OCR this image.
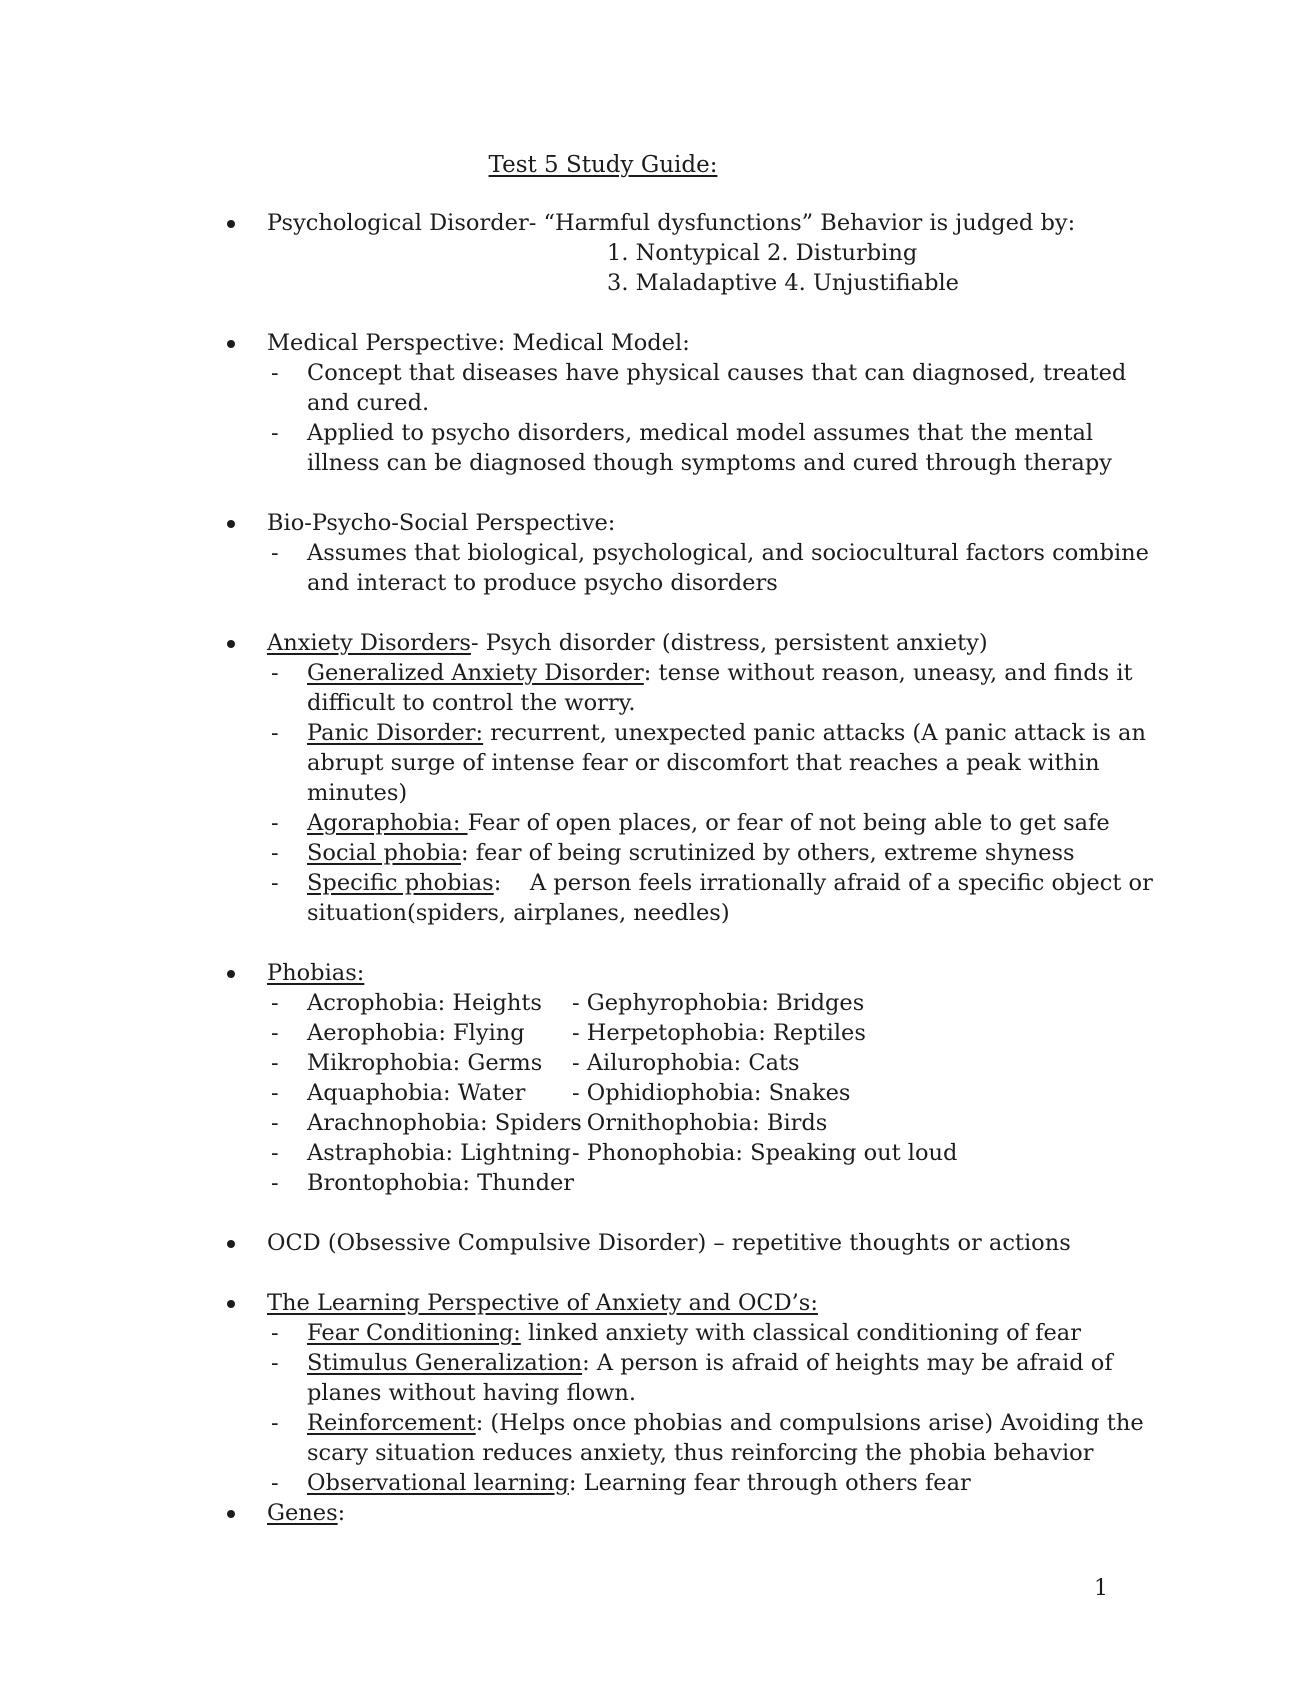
Test 5 Study Guide:
Psychological Disorder- “Harmful dysfunctions” Behavior is judged by:
1. Nontypical 2. Disturbing
3. Maladaptive 4. Unjustifiable
Medical Perspective: Medical Model:
- Concept that diseases have physical causes that can diagnosed, treated
and cured.
- Applied to psycho disorders, medical model assumes that the mental
illness can be diagnosed though symptoms and cured through therapy
Bio-Psycho-Social Perspective:
- Assumes that biological, psychological, and sociocultural factors combine
and interact to produce psycho disorders
Anxiety Disorders- Psych disorder (distress, persistent anxiety)
- Generalized Anxiety Disorder: tense without reason, uneasy, and finds it
difficult to control the worry.
- Panic Disorder: recurrent, unexpected panic attacks (A panic attack is an
abrupt surge of intense fear or discomfort that reaches a peak within
minutes)
- Agoraphobia: Fear of open places, or fear of not being able to get safe
- Social phobia: fear of being scrutinized by others, extreme shyness
- Specific phobias:    A person feels irrationally afraid of a specific object or
situation(spiders, airplanes, needles)
Phobias:
- Acrophobia: Heights - Gephyrophobia: Bridges
- Aerophobia: Flying - Herpetophobia: Reptiles
- Mikrophobia: Germs - Ailurophobia: Cats
- Aquaphobia: Water - Ophidiophobia: Snakes
- Arachnophobia: Spiders
- Ornithophobia: Birds
- Astraphobia: Lightning - Phonophobia: Speaking out loud
- Brontophobia: Thunder
OCD (Obsessive Compulsive Disorder) – repetitive thoughts or actions
The Learning Perspective of Anxiety and OCD’s:
- Fear Conditioning: linked anxiety with classical conditioning of fear
- Stimulus Generalization: A person is afraid of heights may be afraid of
planes without having flown.
- Reinforcement: (Helps once phobias and compulsions arise) Avoiding the
scary situation reduces anxiety, thus reinforcing the phobia behavior
- Observational learning: Learning fear through others fear
Genes:
1
